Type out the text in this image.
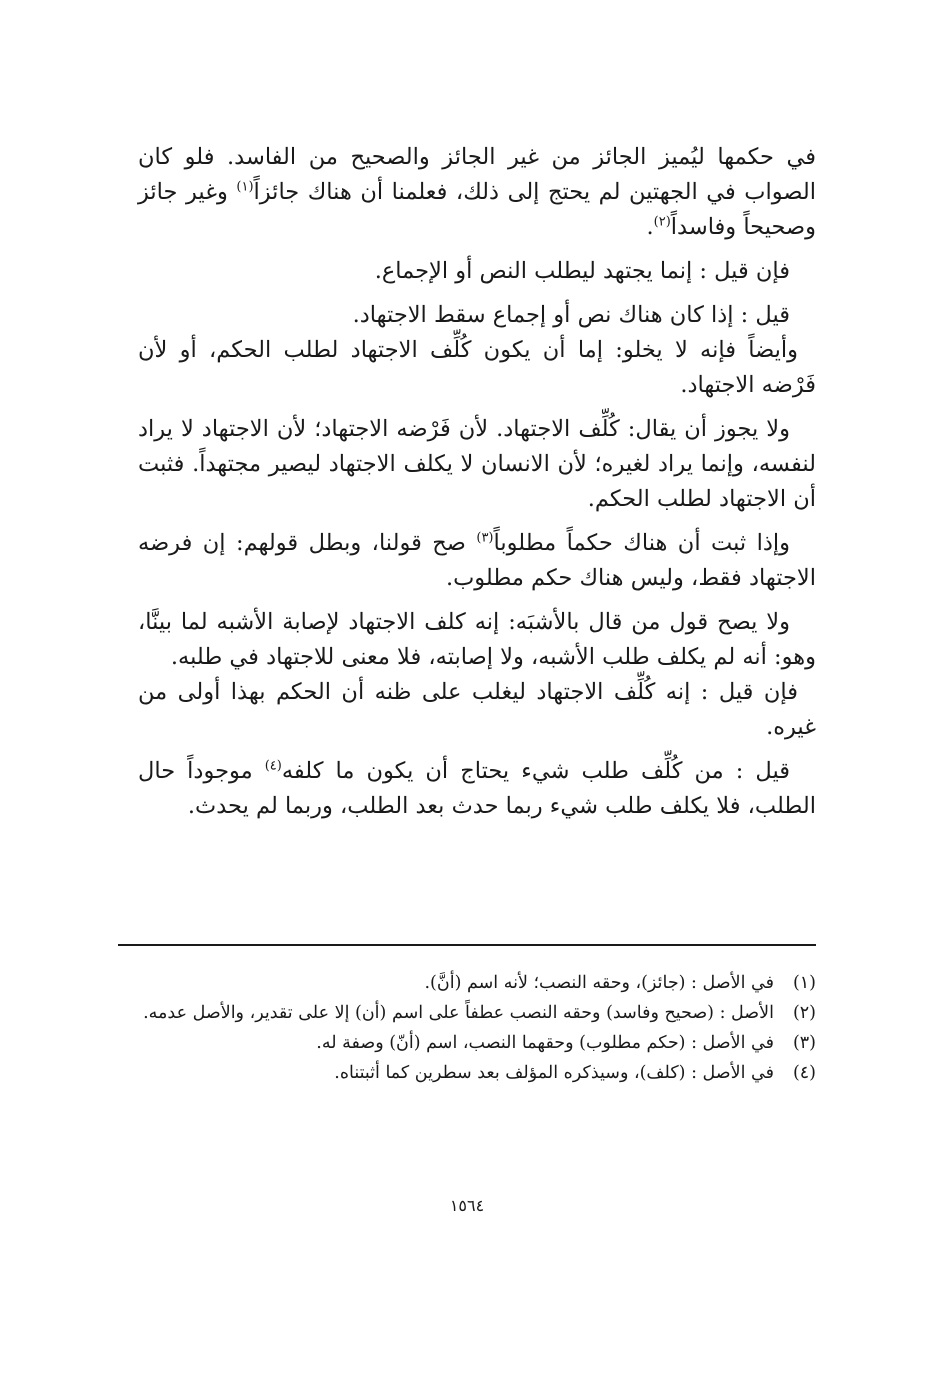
في حكمها ليُميز الجائز من غير الجائز والصحيح من الفاسد. فلو كان الصواب في الجهتين لم يحتج إلى ذلك، فعلمنا أن هناك جائزاً$^{(١)}$ وغير جائز وصحيحاً وفاسداً$^{(٢)}$.

فإن قيل : إنما يجتهد ليطلب النص أو الإجماع.

قيل : إذا كان هناك نص أو إجماع سقط الاجتهاد.

وأيضاً فإنه لا يخلو: إما أن يكون كُلِّف الاجتهاد لطلب الحكم، أو لأن فَرْضه الاجتهاد.

ولا يجوز أن يقال: كُلِّف الاجتهاد. لأن فَرْضه الاجتهاد؛ لأن الاجتهاد لا يراد لنفسه، وإنما يراد لغيره؛ لأن الانسان لا يكلف الاجتهاد ليصير مجتهداً. فثبت أن الاجتهاد لطلب الحكم.

وإذا ثبت أن هناك حكماً مطلوباً$^{(٣)}$ صح قولنا، وبطل قولهم: إن فرضه الاجتهاد فقط، وليس هناك حكم مطلوب.

ولا يصح قول من قال بالأشبَه: إنه كلف الاجتهاد لإصابة الأشبه لما بينَّا، وهو: أنه لم يكلف طلب الأشبه، ولا إصابته، فلا معنى للاجتهاد في طلبه.

فإن قيل : إنه كُلِّف الاجتهاد ليغلب على ظنه أن الحكم بهذا أولى من غيره.

قيل : من كُلِّف طلب شيء يحتاج أن يكون ما كلفه$^{(٤)}$ موجوداً حال الطلب، فلا يكلف طلب شيء ربما حدث بعد الطلب، وربما لم يحدث.

(١)
في الأصل : (جائز)، وحقه النصب؛ لأنه اسم (أنَّ).
(٢)
الأصل : (صحيح وفاسد) وحقه النصب عطفاً على اسم (أن) إلا على تقدير، والأصل عدمه.
(٣)
في الأصل : (حكم مطلوب) وحقهما النصب، اسم (أنّ) وصفة له.
(٤)
في الأصل : (كلف)، وسيذكره المؤلف بعد سطرين كما أثبتناه.
١٥٦٤
